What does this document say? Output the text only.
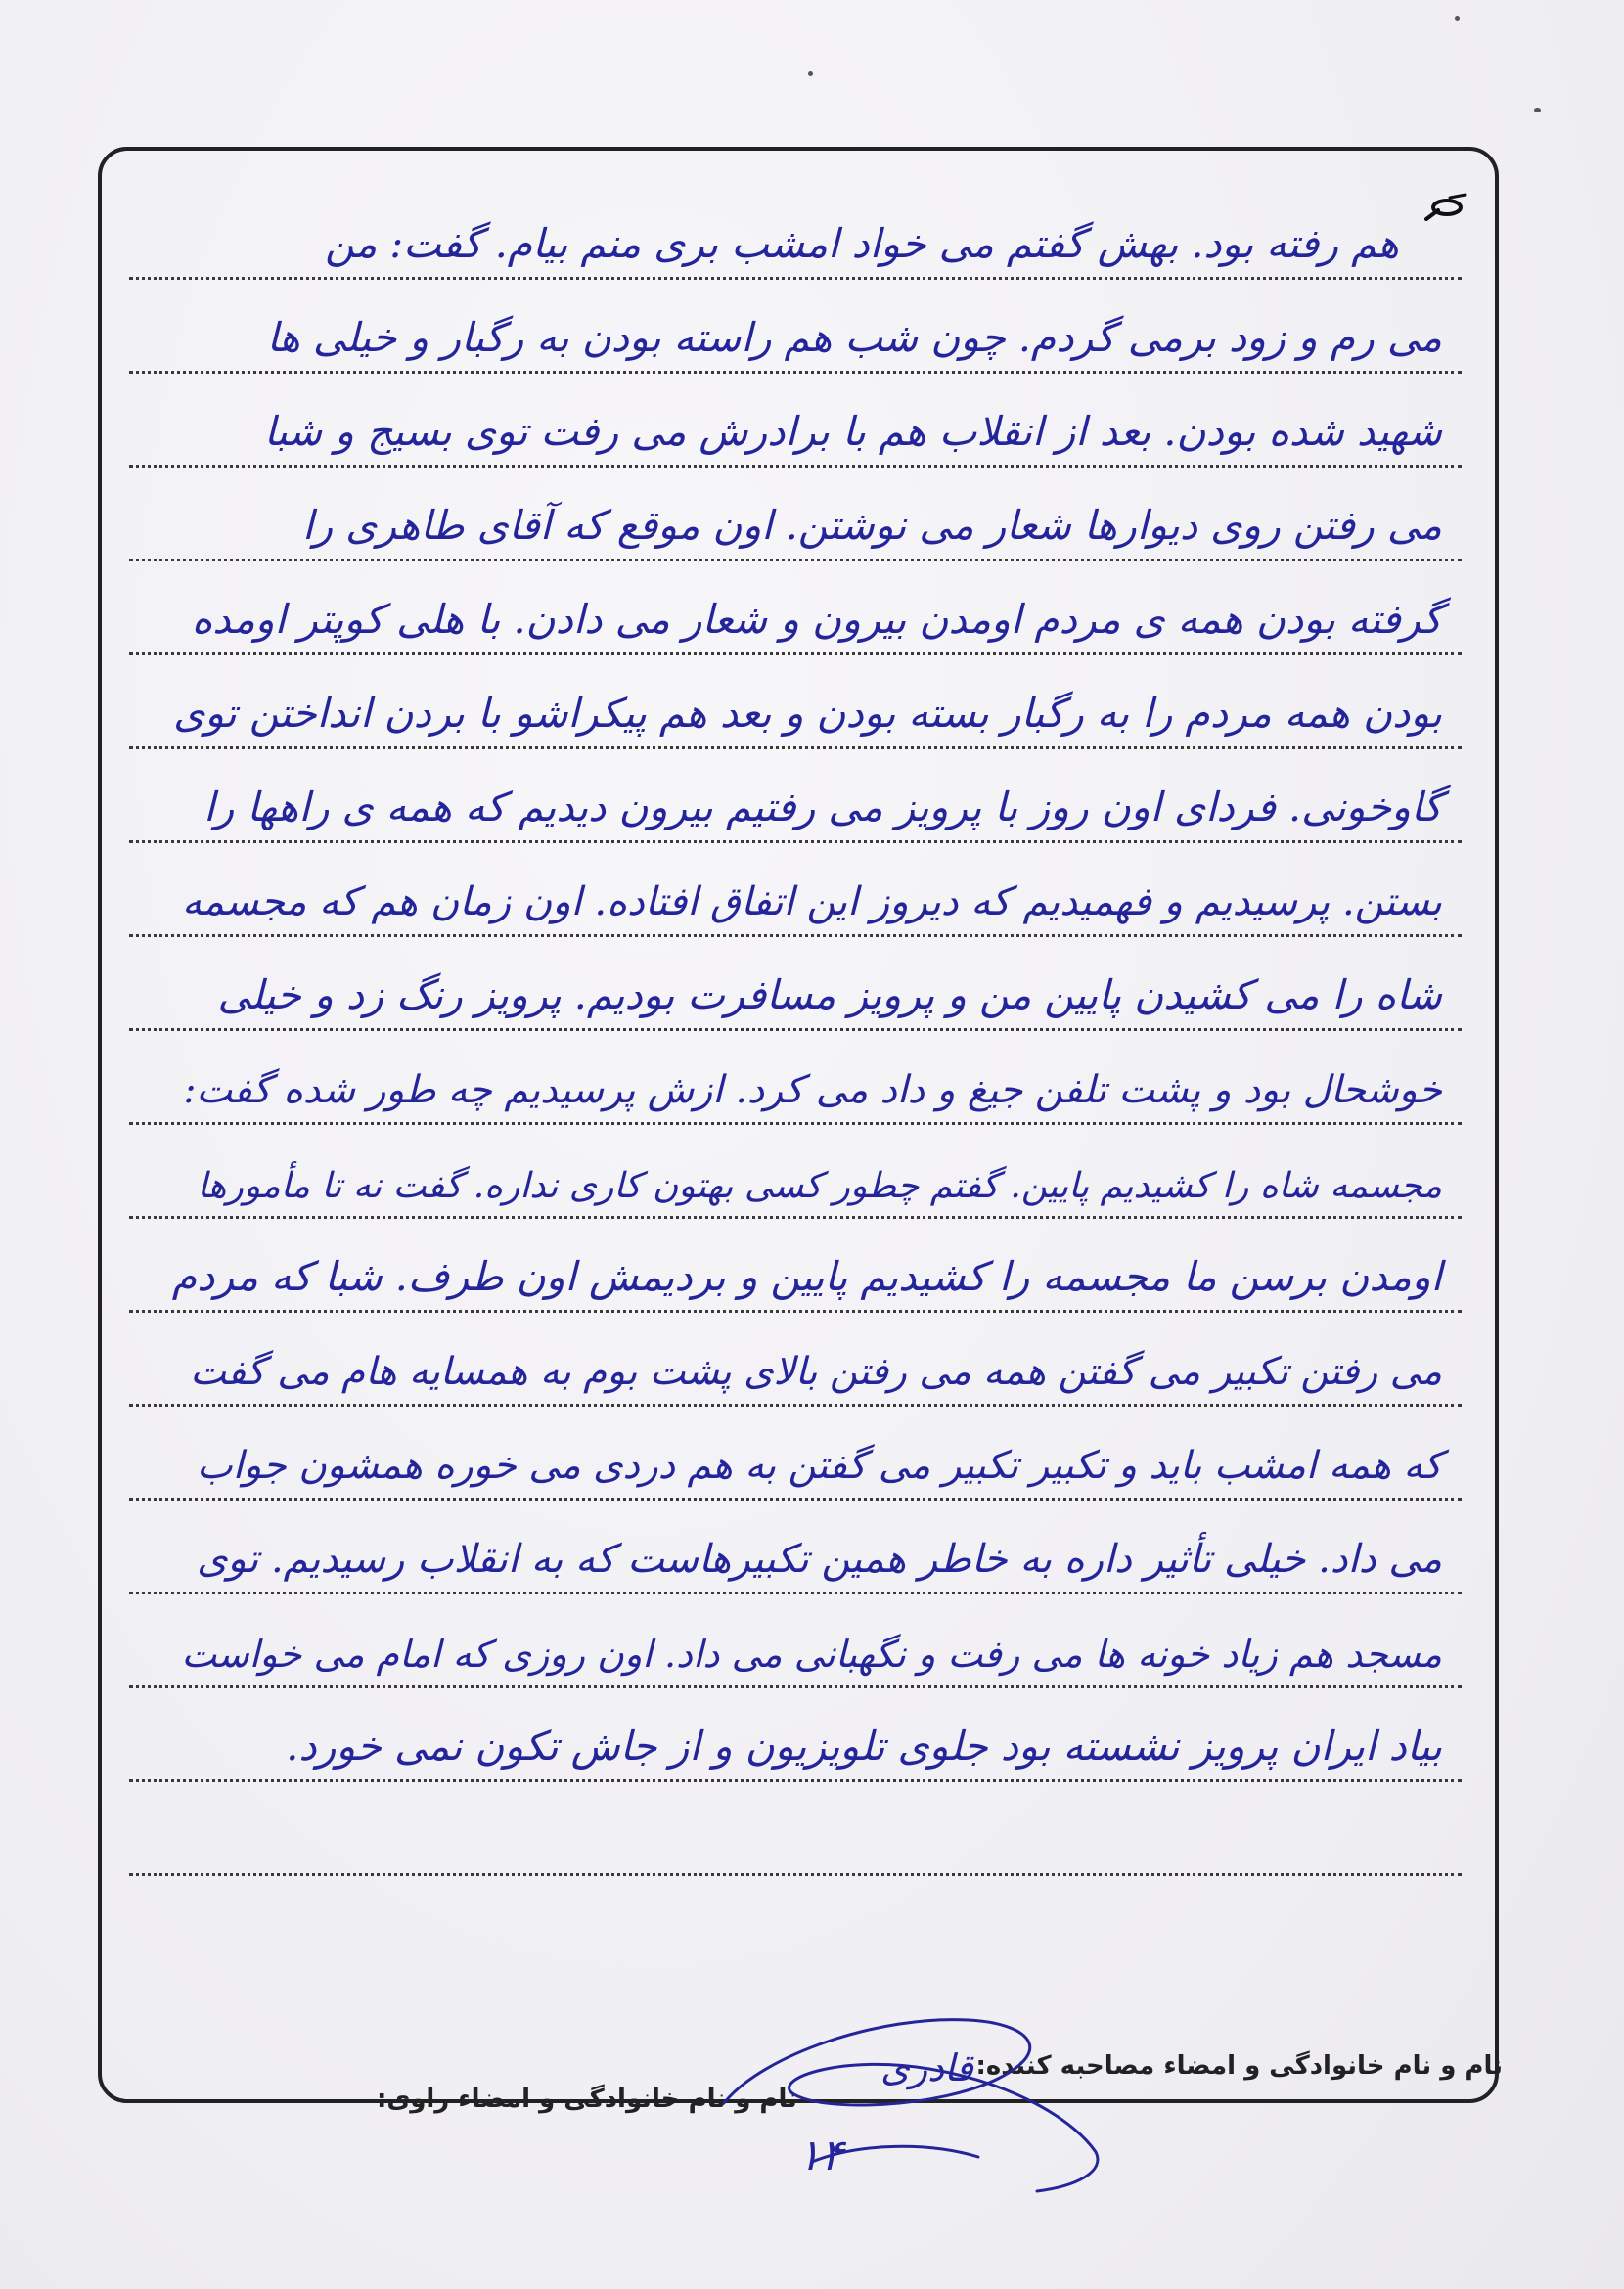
هم رفته بود. بهش گفتم می خواد امشب بری منم بیام. گفت: من
می رم و زود برمی گردم. چون شب هم راسته بودن به رگبار و خیلی ها
شهید شده بودن. بعد از انقلاب هم با برادرش می رفت توی بسیج و شبا
می رفتن روی دیوارها شعار می نوشتن. اون موقع که آقای طاهری را
گرفته بودن همه ی مردم اومدن بیرون و شعار می دادن. با هلی کوپتر اومده
بودن همه مردم را به رگبار بسته بودن و بعد هم پیکراشو با بردن انداختن توی
گاوخونی. فردای اون روز با پرویز می رفتیم بیرون دیدیم که همه ی راهها را
بستن. پرسیدیم و فهمیدیم که دیروز این اتفاق افتاده. اون زمان هم که مجسمه
شاه را می کشیدن پایین من و پرویز مسافرت بودیم. پرویز رنگ زد و خیلی
خوشحال بود و پشت تلفن جیغ و داد می کرد. ازش پرسیدیم چه طور شده گفت:
مجسمه شاه را کشیدیم پایین. گفتم چطور کسی بهتون کاری نداره. گفت نه تا مأمورها
اومدن برسن ما مجسمه را کشیدیم پایین و بردیمش اون طرف. شبا که مردم
می رفتن تکبیر می گفتن همه می رفتن بالای پشت بوم به همسایه هام می گفت
که همه امشب باید و تکبیر تکبیر می گفتن به هم دردی می خوره همشون جواب
می داد. خیلی تأثیر داره به خاطر همین تکبیرهاست که به انقلاب رسیدیم. توی
مسجد هم زیاد خونه ها می رفت و نگهبانی می داد. اون روزی که امام می خواست
بیاد ایران پرویز نشسته بود جلوی تلویزیون و از جاش تکون نمی خورد.
نام و نام خانوادگی و امضاء مصاحبه کننده:
نام و نام خانوادگی و امضاء راوی:
قادری
۱۴
